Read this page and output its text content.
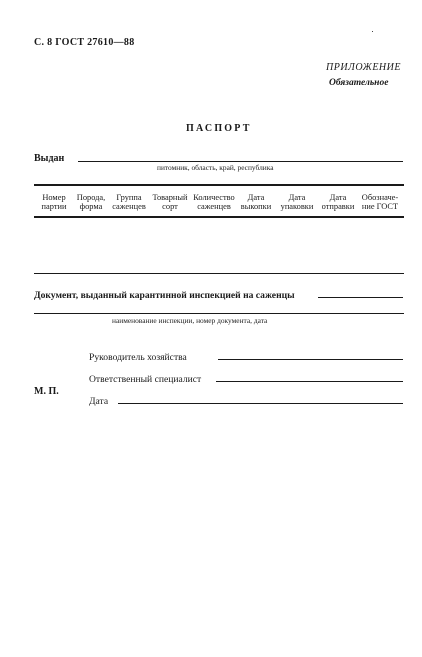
С. 8 ГОСТ 27610—88
ПРИЛОЖЕНИЕ
Обязательное
ПАСПОРТ
Выдан
питомник, область, край, республика
Номер
партии
Порода,
форма
Группа
саженцев
Товарный
сорт
Количество
саженцев
Дата
выкопки
Дата
упаковки
Дата
отправки
Обозначе-
ние ГОСТ
Документ, выданный карантинной инспекцией на саженцы
наименование инспекции, номер документа, дата
Руководитель хозяйства
Ответственный специалист
М. П.
Дата
